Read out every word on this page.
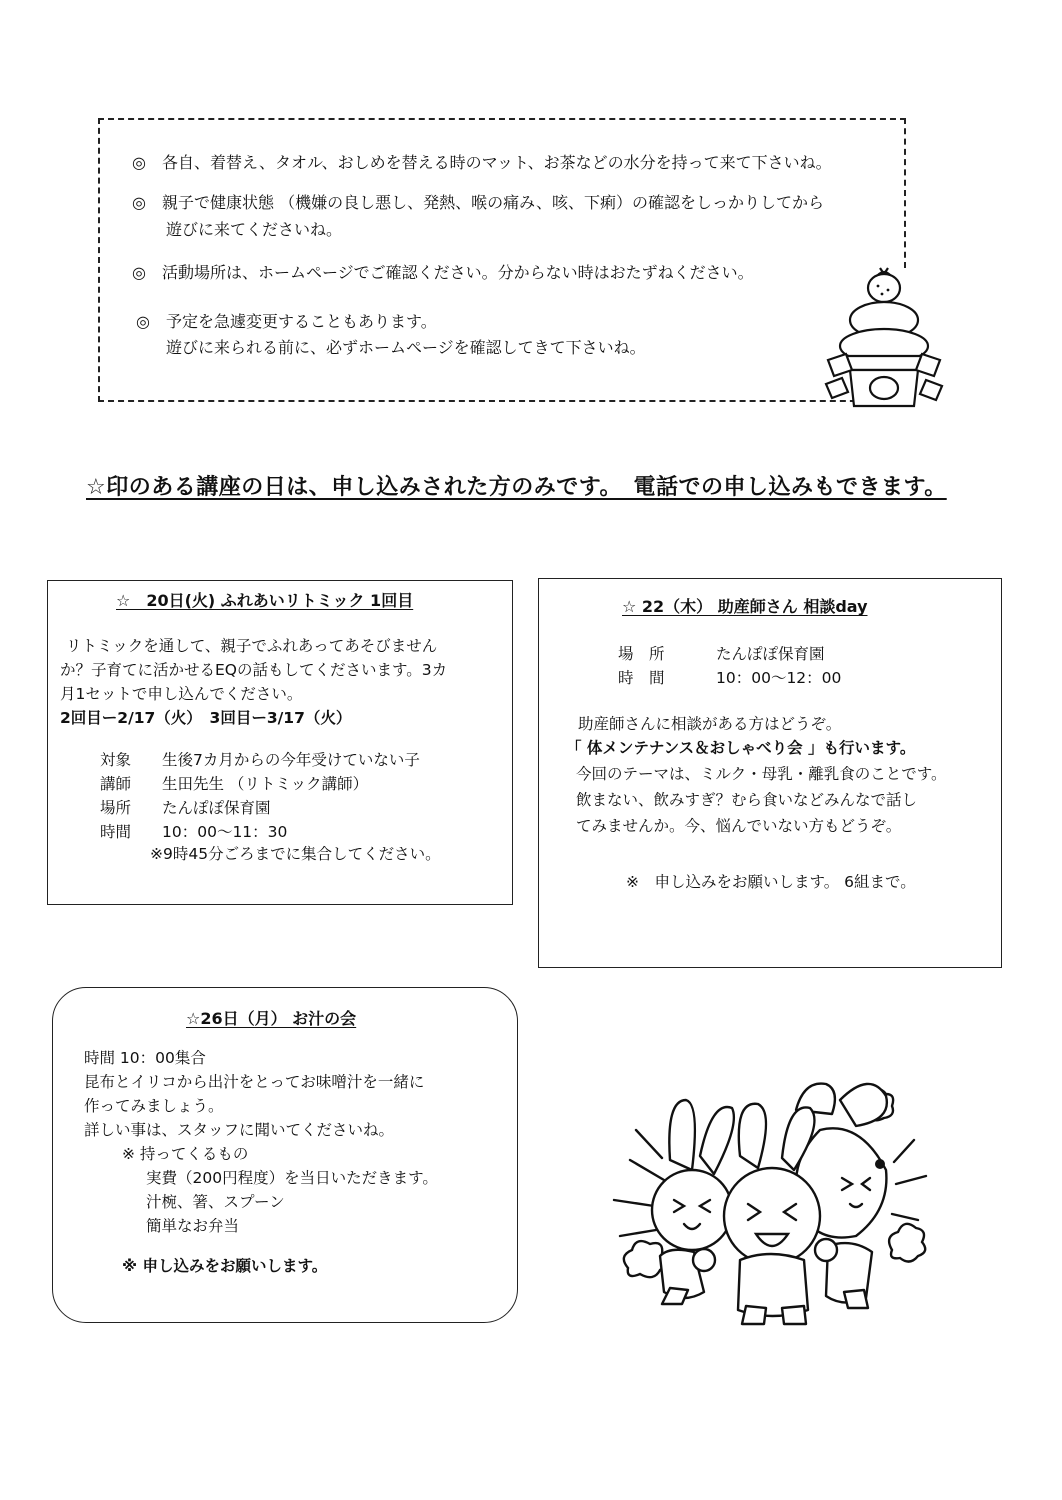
◎　 各自、着替え、タオル、おしめを替える時のマット、お茶などの水分を持って来て下さいね。
◎　 親子で健康状態 （機嫌の良し悪し、発熱、喉の痛み、咳、下痢）の確認をしっかりしてから
遊びに来てくださいね。
◎　 活動場所は、ホームページでご確認ください。分からない時はおたずねください。
◎　 予定を急遽変更することもあります。
遊びに来られる前に、必ずホームページを確認してきて下さいね。
☆印のある講座の日は、申し込みされた方のみです。　電話での申し込みもできます。
☆　20日(火) ふれあいリトミック 1回目
リトミックを通して、親子でふれあってあそびません
か？子育てに活かせるEQの話もしてくださいます。3カ
月1セットで申し込んでください。
2回目ー2/17（火）　3回目ー3/17（火）
対象 生後7カ月からの今年受けていない子
講師 生田先生 （リトミック講師）
場所 たんぽぽ保育園
時間 10：00〜11：30
※9時45分ごろまでに集合してください。
☆ 22（木） 助産師さん 相談day
場　所	たんぽぽ保育園
時　間	10：00〜12：00
助産師さんに相談がある方はどうぞ。
「 体メンテナンス＆おしゃべり会 」も行います。
今回のテーマは、ミルク・母乳・離乳食のことです。
飲まない、飲みすぎ？むら食いなどみんなで話し
てみませんか。今、悩んでいない方もどうぞ。
※　申し込みをお願いします。 6組まで。
☆26日（月） お汁の会
時間 10：00集合
昆布とイリコから出汁をとってお味噌汁を一緒に
作ってみましょう。
詳しい事は、スタッフに聞いてくださいね。
※ 持ってくるもの
実費（200円程度）を当日いただきます。
汁椀、箸、スプーン
簡単なお弁当
※ 申し込みをお願いします。
